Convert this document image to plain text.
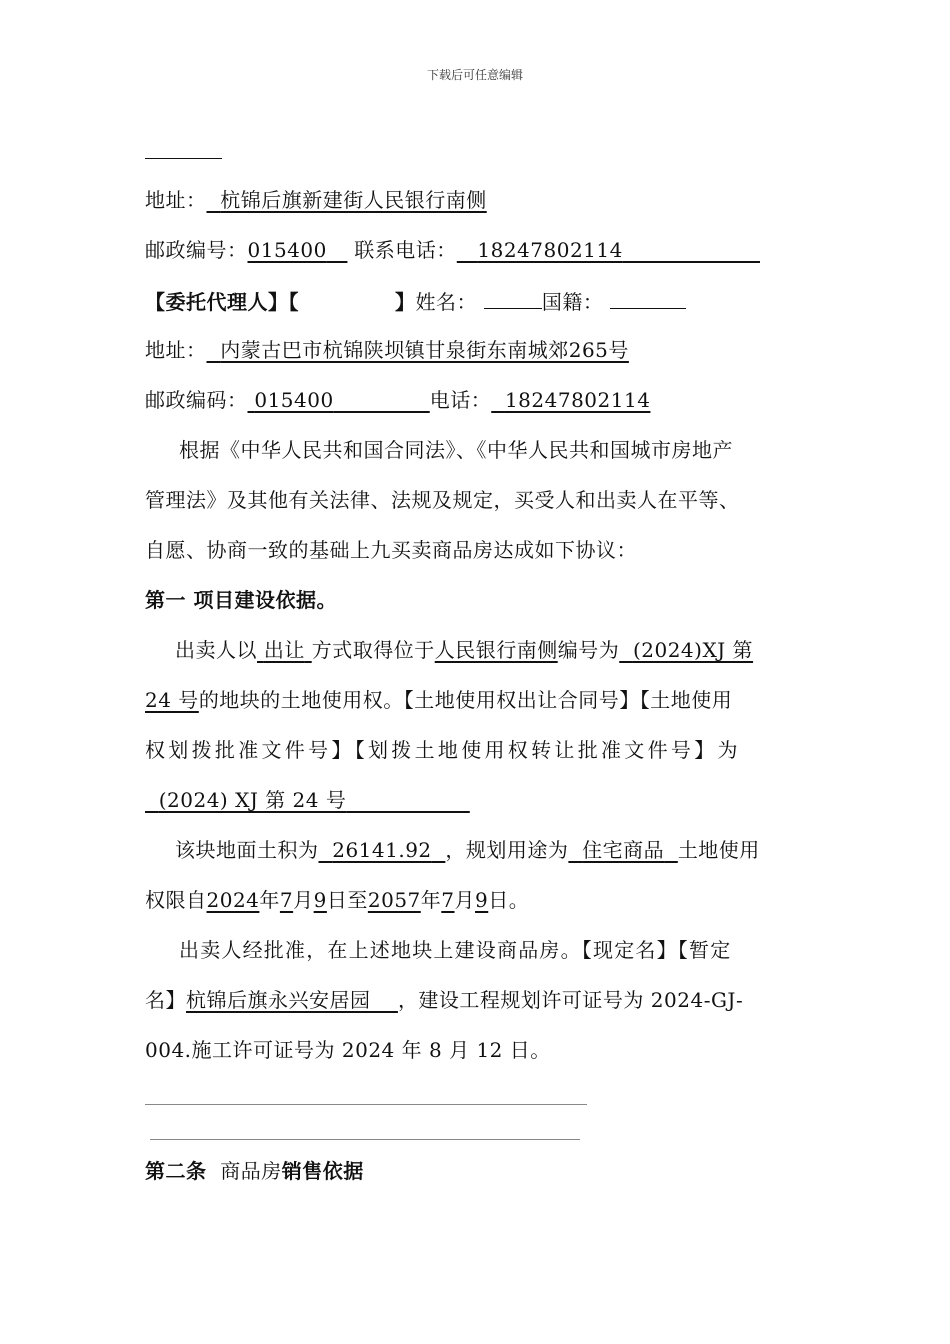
下载后可任意编辑
地址： 杭锦后旗新建街人民银行南侧
邮政编号：015400 联系电话： 18247802114
【委托代理人】【	】姓名：	国籍：
地址： 内蒙古巴市杭锦陕坝镇甘泉街东南城郊265号
邮政编码： 015400	电话： 18247802114
根据《中华人民共和国合同法》、《中华人民共和国城市房地产
管理法》及其他有关法律、法规及规定，买受人和出卖人在平等、
自愿、协商一致的基础上九买卖商品房达成如下协议：
第一 项目建设依据。
出卖人以 出让 方式取得位于人民银行南侧编号为 (2024)XJ 第
24 号的地块的土地使用权。【土地使用权出让合同号】【土地使用
权划拨批准文件号】【划拨土地使用权转让批准文件号】为
(2024) XJ 第 24 号
该块地面土积为 26141.92 ，规划用途为 住宅商品 土地使用
权限自2024年7月9日至2057年7月9日。
出卖人经批准，在上述地块上建设商品房。【现定名】【暂定
名】杭锦后旗永兴安居园 ，建设工程规划许可证号为 2024-GJ-
004.施工许可证号为 2024 年 8 月 12 日。
第二条 商品房销售依据
